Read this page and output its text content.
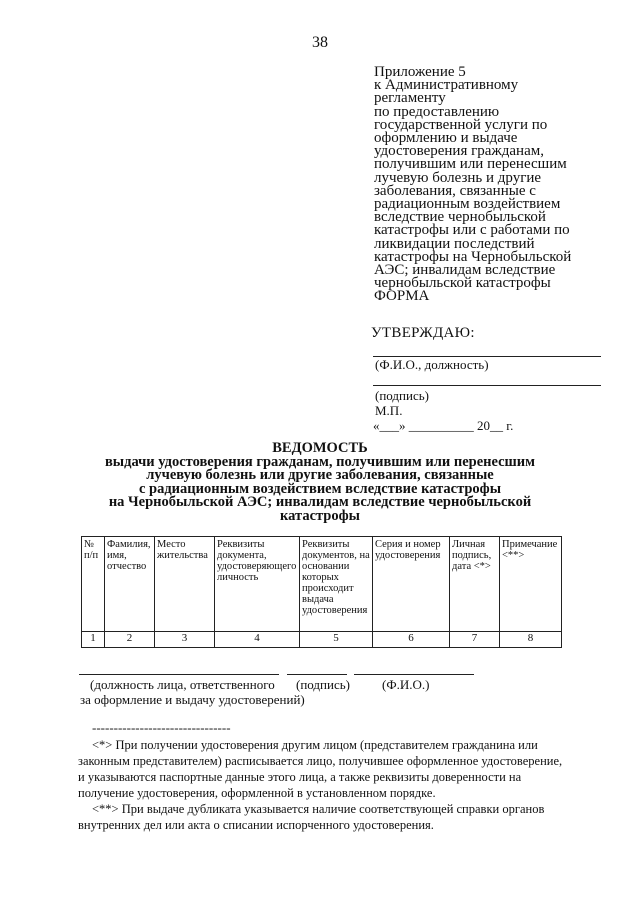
38
Приложение 5
к Административному
регламенту
по предоставлению
государственной услуги по
оформлению и выдаче
удостоверения гражданам,
получившим или перенесшим
лучевую болезнь и другие
заболевания, связанные с
радиационным воздействием
вследствие чернобыльской
катастрофы или с работами по
ликвидации последствий
катастрофы на Чернобыльской
АЭС; инвалидам вследствие
чернобыльской катастрофы
ФОРМА
УТВЕРЖДАЮ:
(Ф.И.О., должность)
(подпись)
М.П.
«___» __________ 20__ г.
ВЕДОМОСТЬ
выдачи удостоверения гражданам, получившим или перенесшим
лучевую болезнь или другие заболевания, связанные
с радиационным воздействием вследствие катастрофы
на Чернобыльской АЭС; инвалидам вследствие чернобыльской
катастрофы
№ п/п	Фамилия, имя, отчество	Место жительства	Реквизиты документа, удостоверяющего личность	Реквизиты документов, на основании которых происходит выдача удостоверения	Серия и номер удостоверения	Личная подпись, дата <*>	Примечание <**>
1	2	3	4	5	6	7	8
(должность лица, ответственного (подпись) (Ф.И.О.)
за оформление и выдачу удостоверений)
--------------------------------
<*> При получении удостоверения другим лицом (представителем гражданина или
законным представителем) расписывается лицо, получившее оформленное удостоверение,
и указываются паспортные данные этого лица, а также реквизиты доверенности на
получение удостоверения, оформленной в установленном порядке.
<**> При выдаче дубликата указывается наличие соответствующей справки органов
внутренних дел или акта о списании испорченного удостоверения.
